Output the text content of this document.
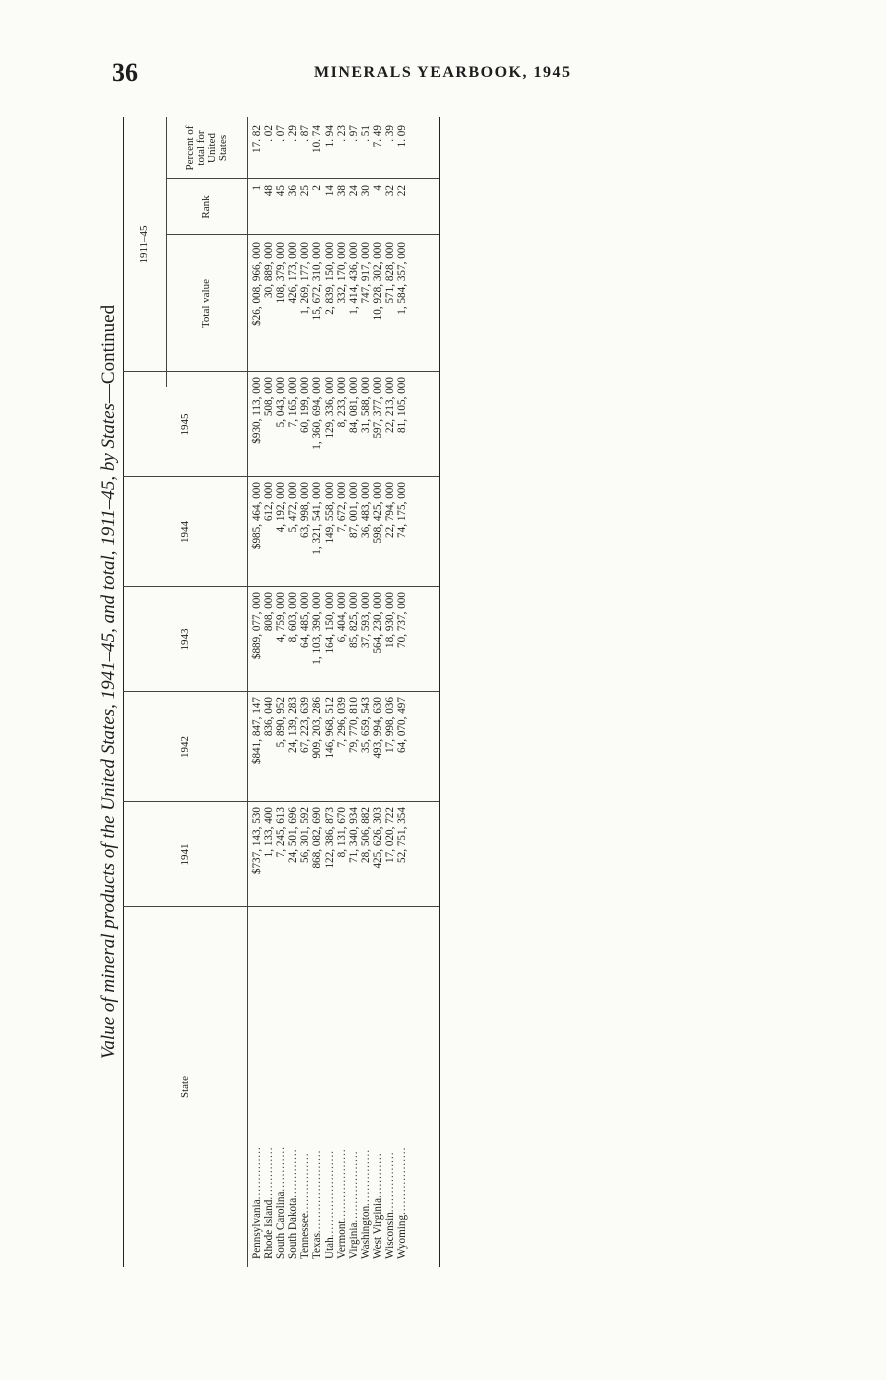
36	MINERALS YEARBOOK, 1945
Value of mineral products of the United States, 1941–45, and total, 1911–45, by States—Continued
State
1941
1942
1943
1944
1945
1911–45
Total value
Rank
Percent of total for United States
Pennsylvania..............
Rhode Island..............
South Carolina............
South Dakota.............
Tennessee................
Texas......................
Utah.......................
Vermont...................
Virginia...................
Washington...............
West Virginia............
Wisconsin................
Wyoming..................
$737, 143, 530 1, 133, 400 7, 245, 613 24, 501, 696 56, 301, 592 868, 082, 690 122, 386, 873 8, 131, 670 71, 340, 934 28, 506, 882 425, 626, 303 17, 020, 722 52, 751, 354
$841, 847, 147 836, 040 5, 890, 952 24, 139, 283 67, 223, 639 909, 203, 286 146, 968, 512 7, 296, 039 79, 770, 810 35, 659, 543 493, 994, 630 17, 998, 036 64, 070, 497
$889, 077, 000 808, 000 4, 759, 000 8, 603, 000 64, 485, 000 1, 103, 390, 000 164, 150, 000 6, 404, 000 85, 825, 000 37, 593, 000 564, 230, 000 18, 930, 000 70, 737, 000
$985, 464, 000 612, 000 4, 192, 000 5, 472, 000 63, 998, 000 1, 321, 541, 000 149, 558, 000 7, 672, 000 87, 001, 000 36, 483, 000 598, 425, 000 22, 794, 000 74, 175, 000
$930, 113, 000 508, 000 5, 043, 000 7, 165, 000 60, 199, 000 1, 360, 694, 000 129, 336, 000 8, 233, 000 84, 081, 000 31, 588, 000 597, 377, 000 22, 213, 000 81, 105, 000
$26, 008, 966, 000 30, 889, 000 108, 379, 000 426, 173, 000 1, 269, 177, 000 15, 672, 310, 000 2, 839, 150, 000 332, 170, 000 1, 414, 436, 000 747, 917, 000 10, 928, 302, 000 571, 828, 000 1, 584, 357, 000
1 48 45 36 25 2 14 38 24 30 4 32 22
17. 82 . 02 . 07 . 29 . 87 10. 74 1. 94 . 23 . 97 . 51 7. 49 . 39 1. 09
